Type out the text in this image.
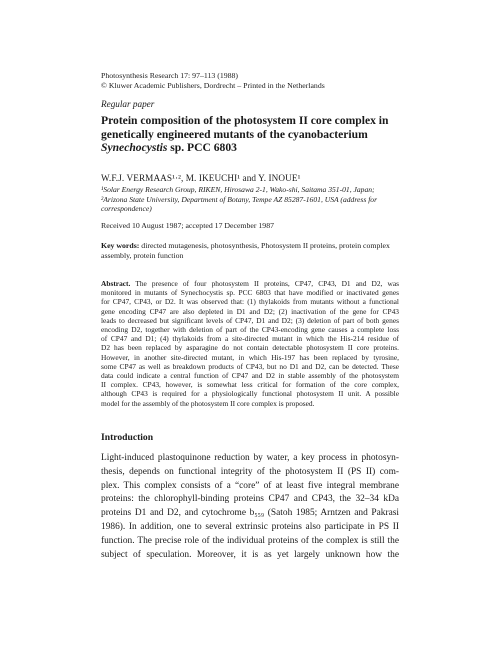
Photosynthesis Research 17: 97–113 (1988)
© Kluwer Academic Publishers, Dordrecht – Printed in the Netherlands
Regular paper
Protein composition of the photosystem II core complex in
genetically engineered mutants of the cyanobacterium
Synechocystis sp. PCC 6803
W.F.J. VERMAAS¹·², M. IKEUCHI¹ and Y. INOUE¹
¹Solar Energy Research Group, RIKEN, Hirosawa 2-1, Wako-shi, Saitama 351-01, Japan;
²Arizona State University, Department of Botany, Tempe AZ 85287-1601, USA (address for
correspondence)
Received 10 August 1987; accepted 17 December 1987
Key words: directed mutagenesis, photosynthesis, Photosystem II proteins, protein complex
assembly, protein function
Abstract. The presence of four photosystem II proteins, CP47, CP43, D1 and D2, was
monitored in mutants of Synechocystis sp. PCC 6803 that have modified or inactivated genes
for CP47, CP43, or D2. It was observed that: (1) thylakoids from mutants without a functional
gene encoding CP47 are also depleted in D1 and D2; (2) inactivation of the gene for CP43
leads to decreased but significant levels of CP47, D1 and D2; (3) deletion of part of both genes
encoding D2, together with deletion of part of the CP43-encoding gene causes a complete loss
of CP47 and D1; (4) thylakoids from a site-directed mutant in which the His-214 residue of
D2 has been replaced by asparagine do not contain detectable photosystem II core proteins.
However, in another site-directed mutant, in which His-197 has been replaced by tyrosine,
some CP47 as well as breakdown products of CP43, but no D1 and D2, can be detected. These
data could indicate a central function of CP47 and D2 in stable assembly of the photosystem
II complex. CP43, however, is somewhat less critical for formation of the core complex,
although CP43 is required for a physiologically functional photosystem II unit. A possible
model for the assembly of the photosystem II core complex is proposed.
Introduction
Light-induced plastoquinone reduction by water, a key process in photosyn-
thesis, depends on functional integrity of the photosystem II (PS II) com-
plex. This complex consists of a “core” of at least five integral membrane
proteins: the chlorophyll-binding proteins CP47 and CP43, the 32–34 kDa
proteins D1 and D2, and cytochrome b₅₅₉ (Satoh 1985; Arntzen and Pakrasi
1986). In addition, one to several extrinsic proteins also participate in PS II
function. The precise role of the individual proteins of the complex is still the
subject of speculation. Moreover, it is as yet largely unknown how the
